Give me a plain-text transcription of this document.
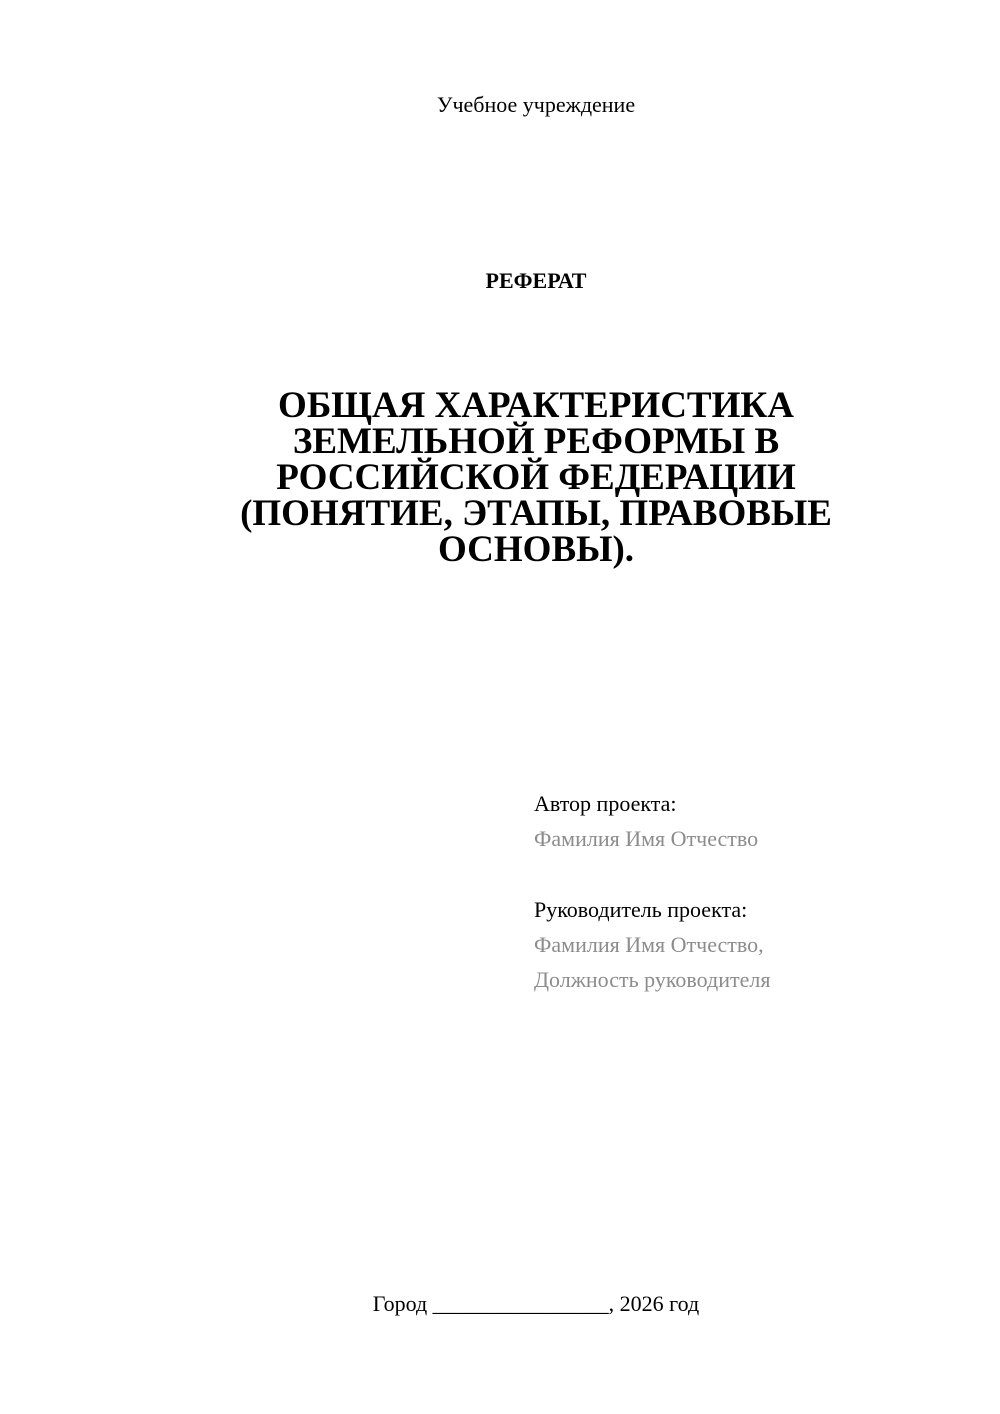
Учебное учреждение
РЕФЕРАТ
ОБЩАЯ ХАРАКТЕРИСТИКА
ЗЕМЕЛЬНОЙ РЕФОРМЫ В
РОССИЙСКОЙ ФЕДЕРАЦИИ
(ПОНЯТИЕ, ЭТАПЫ, ПРАВОВЫЕ
ОСНОВЫ).
Автор проекта:
Фамилия Имя Отчество
Руководитель проекта:
Фамилия Имя Отчество,
Должность руководителя
Город ________________, 2026 год
